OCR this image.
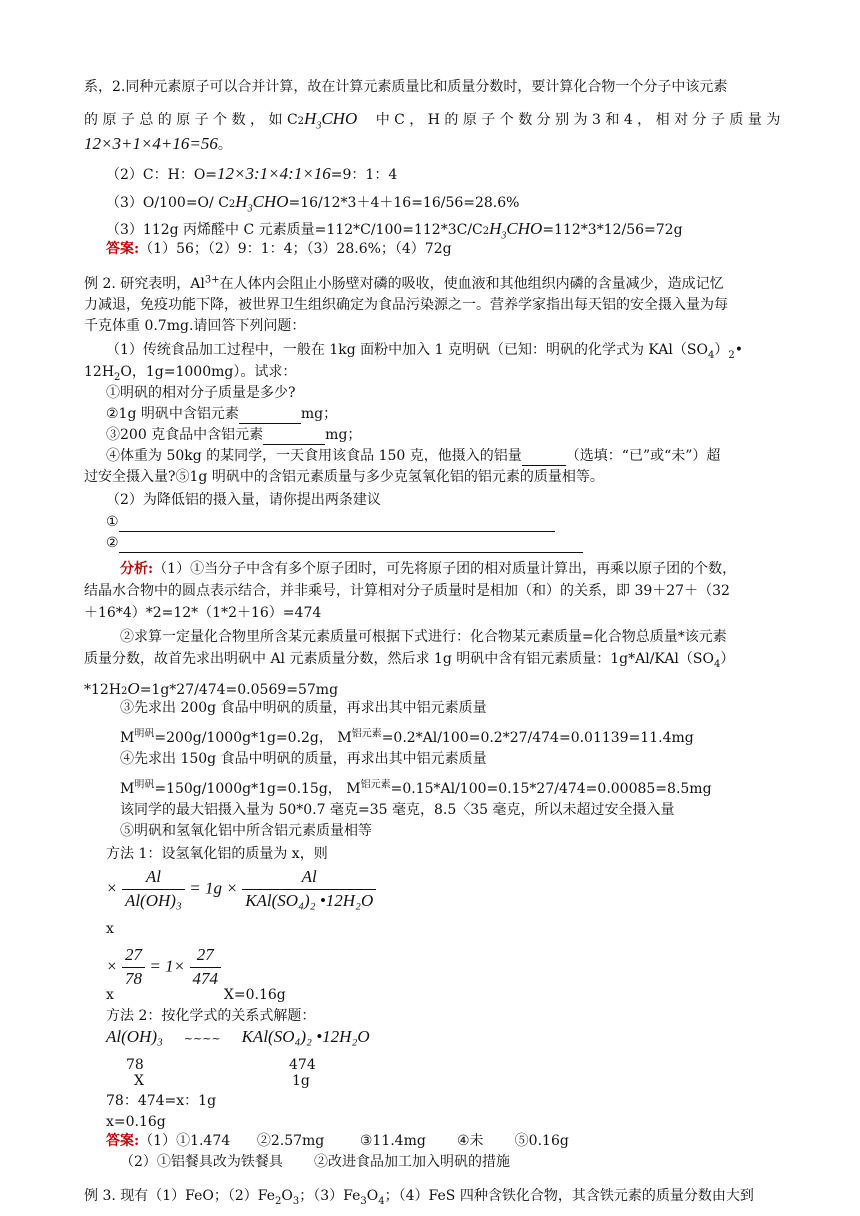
系，2.同种元素原子可以合并计算，故在计算元素质量比和质量分数时，要计算化合物一个分子中该元素
的 原 子 总 的 原 子 个 数 ， 如 $C2H_3CHO$ 中 C ， H 的 原 子 个 数 分 别 为 3 和 4 ， 相 对 分 子 质 量 为
12×3+1×4+16=56。
（2）C：H：O=12×3:1×4:1×16=9：1：4
（3）O/100=O/ $C2H_3CHO=16/12*3+4+16=16/56=28.6\%$
（3）112g 丙烯醛中 C 元素质量$=112*C/100=112*3C/C2H_3CHO=112*3*12/56=72g$
答案:（1）56；（2）9：1：4；（3）28.6%；（4）72g
例 2. 研究表明，$Al^{3+}$在人体内会阻止小肠壁对磷的吸收，使血液和其他组织内磷的含量减少，造成记忆
力减退，免疫功能下降，被世界卫生组织确定为食品污染源之一。营养学家指出每天铝的安全摄入量为每
千克体重 0.7mg.请回答下列问题：
（1）传统食品加工过程中，一般在 1kg 面粉中加入 1 克明矾（已知：明矾的化学式为 $KAl(SO_4)_2•$
$12H_2O$，1g=1000mg）。试求：
①明矾的相对分子质量是多少?
②1g 明矾中含铝元素	mg；
③200 克食品中含铝元素	mg；
④体重为 50kg 的某同学，一天食用该食品 150 克，他摄入的铝量	（选填：“已”或“未”）超
过安全摄入量?⑤1g 明矾中的含铝元素质量与多少克氢氧化铝的铝元素的质量相等。
（2）为降低铝的摄入量，请你提出两条建议
①
②
分析:（1）①当分子中含有多个原子团时，可先将原子团的相对质量计算出，再乘以原子团的个数，
结晶水合物中的圆点表示结合，并非乘号，计算相对分子质量时是相加（和）的关系，即 39＋27＋（32
＋16*4）*2=12*（1*2＋16）=474
②求算一定量化合物里所含某元素质量可根据下式进行：化合物某元素质量=化合物总质量*该元素
质量分数，故首先求出明矾中 Al 元素质量分数，然后求 1g 明矾中含有铝元素质量：$1g*Al/KAl(SO_4)$
*12H2O=1g*27/474=0.0569=57mg
③先求出 200g 食品中明矾的质量，再求出其中铝元素质量
$M^{明矾}=200g/1000g*1g=0.2g$， $M^{铝元素}=0.2*Al/100=0.2*27/474=0.01139=11.4mg$
④先求出 150g 食品中明矾的质量，再求出其中铝元素质量
$M^{明矾}=150g/1000g*1g=0.15g$， $M^{铝元素}=0.15*Al/100=0.15*27/474=0.00085=8.5mg$
该同学的最大铝摄入量为 50*0.7 毫克=35 毫克，8.5〈35 毫克，所以未超过安全摄入量
⑤明矾和氢氧化铝中所含铝元素质量相等
方法 1：设氢氧化铝的质量为 x，则
× $\frac{Al}{\text{Al(OH)₃}} = 1g \times \frac{Al}{\text{KAl(SO₄)₂ •12H₂O}}$
x
× $\frac{27}{78} = 1\times \frac{27}{474}$
x	X=0.16g
方法 2：按化学式的关系式解题：
Al(OH)₃ ~~~~ KAl(SO₄)₂ •12H₂O
78	474
X	1g
78：474=x：1g
x=0.16g
答案:（1）①1.474      ②2.57mg        ③11.4mg       ④未       ⑤0.16g
（2）①铝餐具改为铁餐具       ②改进食品加工加入明矾的措施
例 3. 现有（1）FeO；$(2)Fe_2O_3$；$(3)Fe_3O_4$；（4）FeS 四种含铁化合物，其含铁元素的质量分数由大到
